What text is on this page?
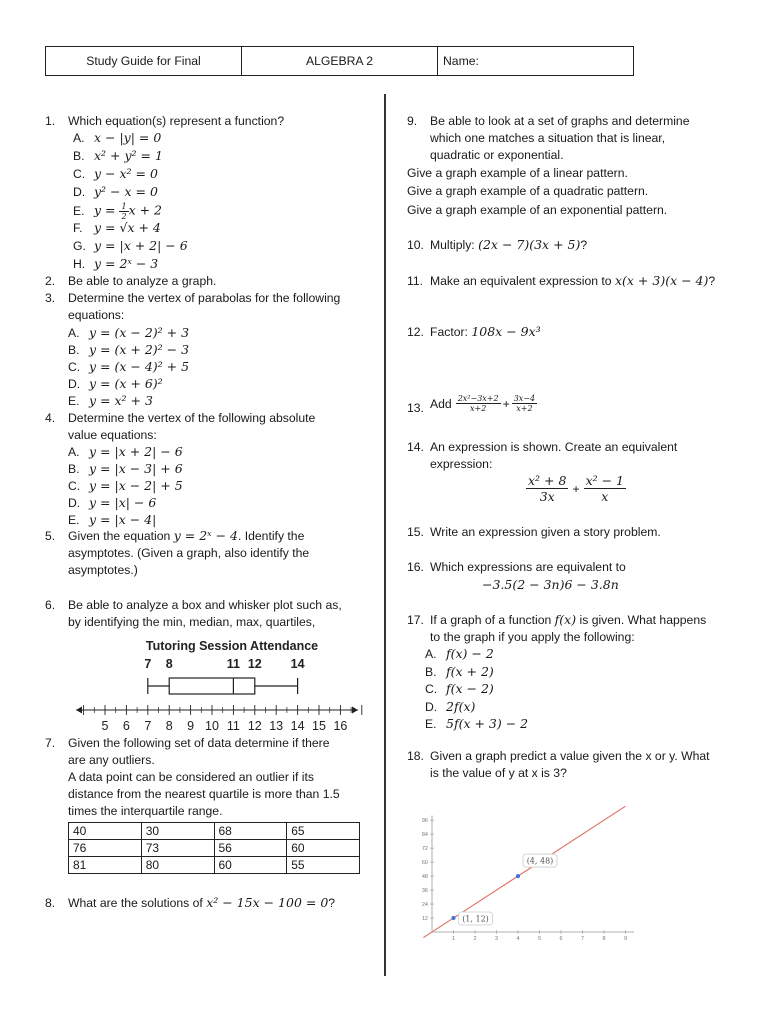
Study Guide for Final	ALGEBRA 2	Name:
1. Which equation(s) represent a function?
A. x − |y| = 0
B. x² + y² = 1
C. y − x² = 0
D. y² − x = 0
E. $y = \frac{1}{2}$ x + 2
F. y = √x + 4
G. y = |x + 2| − 6
H. y = 2ˣ − 3
2. Be able to analyze a graph.
3. Determine the vertex of parabolas for the following
equations:
A. y = (x − 2)² + 3
B. y = (x + 2)² − 3
C. y = (x − 4)² + 5
D. y = (x + 6)²
E. y = x² + 3
4. Determine the vertex of the following absolute
value equations:
A. y = |x + 2| − 6
B. y = |x − 3| + 6
C. y = |x − 2| + 5
D. y = |x| − 6
E. y = |x − 4|
5. Given the equation y = 2ˣ − 4. Identify the
asymptotes. (Given a graph, also identify the
asymptotes.)
6. Be able to analyze a box and whisker plot such as,
by identifying the min, median, max, quartiles,
Tutoring Session Attendance
7 8	11 12 14
5 6 7 8 9 10 11 12 13 14 15 16
7. Given the following set of data determine if there
are any outliers.
A data point can be considered an outlier if its
distance from the nearest quartile is more than 1.5
times the interquartile range.
40	30	68	65
76	73	56	60
81	80	60	55
8. What are the solutions of x² − 15x − 100 = 0?
9. Be able to look at a set of graphs and determine
which one matches a situation that is linear,
quadratic or exponential.
Give a graph example of a linear pattern.
Give a graph example of a quadratic pattern.
Give a graph example of an exponential pattern.
10. Multiply: (2x − 7)(3x + 5)?
11. Make an equivalent expression to x(x + 3)(x − 4)?
12. Factor: 108x − 9x³
13. Add $\frac{\text{2x²−3x+2}}{x+2} + \frac{3x-4}{x+2}$
14. An expression is shown. Create an equivalent
expression:
$\frac{\text{x² + 8}}{3x} + \frac{\text{x² − 1}}{x}$
15. Write an expression given a story problem.
16. Which expressions are equivalent to
−3.5(2 − 3n)6 − 3.8n
17. If a graph of a function f(x) is given. What happens
to the graph if you apply the following:
A. f(x) − 2
B. f(x + 2)
C. f(x − 2)
D. 2f(x)
E. 5f(x + 3) − 2
18. Given a graph predict a value given the x or y. What
is the value of y at x is 3?
1	2	3	4	5	6	7	8	9
12
24
36
48
60
72
84
96
(1, 12)
(4, 48)
